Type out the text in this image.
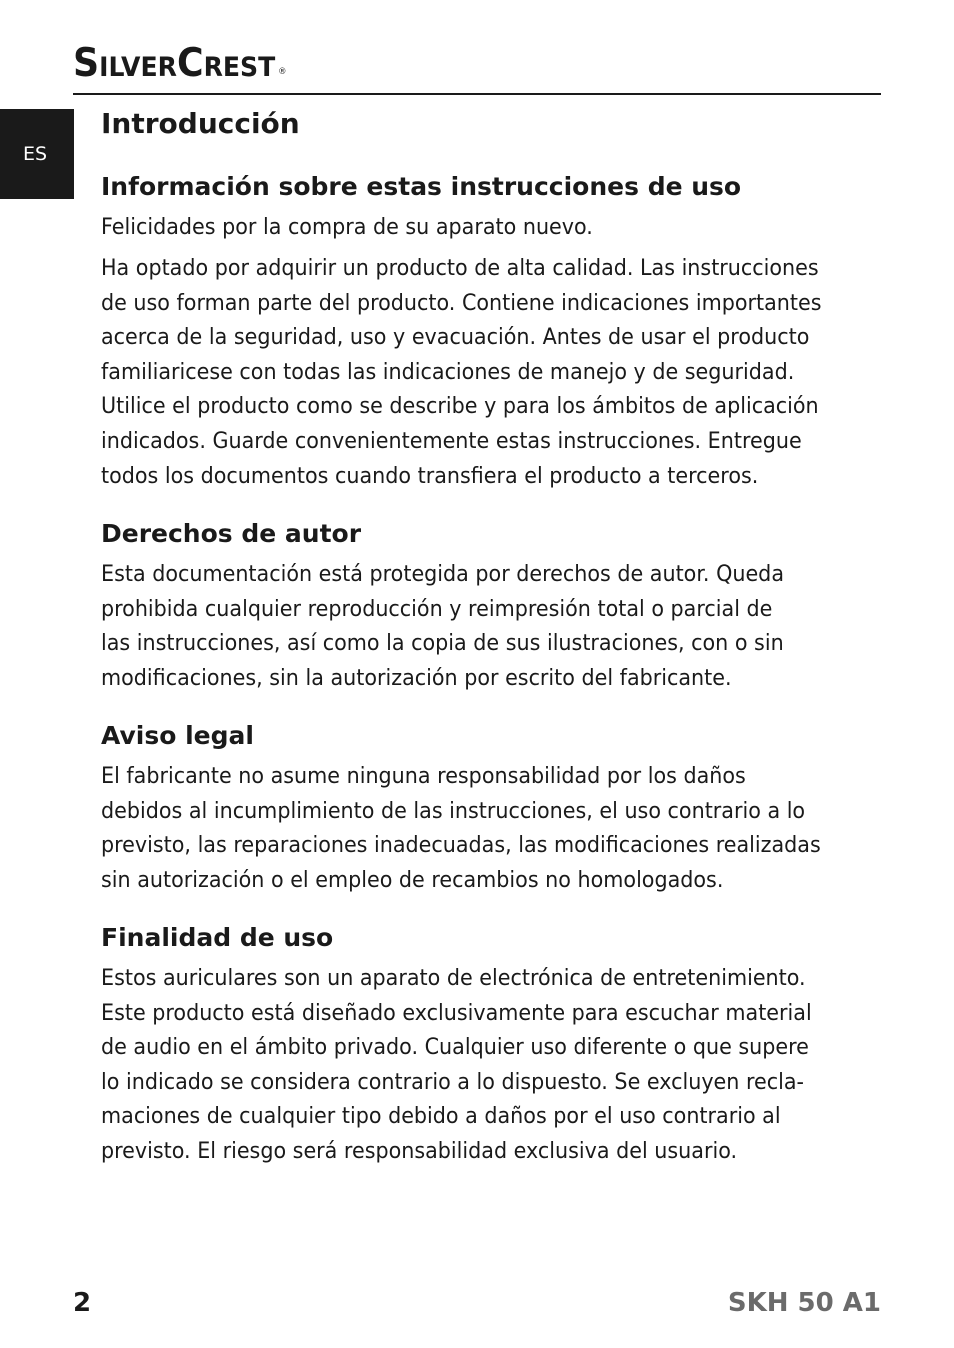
SILVERCREST ®
ES
Introducción
Información sobre estas instrucciones de uso
Felicidades por la compra de su aparato nuevo.
Ha optado por adquirir un producto de alta calidad. Las instrucciones
de uso forman parte del producto. Contiene indicaciones importantes
acerca de la seguridad, uso y evacuación. Antes de usar el producto
familiaricese con todas las indicaciones de manejo y de seguridad.
Utilice el producto como se describe y para los ámbitos de aplicación
indicados. Guarde convenientemente estas instrucciones. Entregue
todos los documentos cuando transfiera el producto a terceros.
Derechos de autor
Esta documentación está protegida por derechos de autor. Queda
prohibida cualquier reproducción y reimpresión total o parcial de
las instrucciones, así como la copia de sus ilustraciones, con o sin
modificaciones, sin la autorización por escrito del fabricante.
Aviso legal
El fabricante no asume ninguna responsabilidad por los daños
debidos al incumplimiento de las instrucciones, el uso contrario a lo
previsto, las reparaciones inadecuadas, las modificaciones realizadas
sin autorización o el empleo de recambios no homologados.
Finalidad de uso
Estos auriculares son un aparato de electrónica de entretenimiento.
Este producto está diseñado exclusivamente para escuchar material
de audio en el ámbito privado. Cualquier uso diferente o que supere
lo indicado se considera contrario a lo dispuesto. Se excluyen recla-
maciones de cualquier tipo debido a daños por el uso contrario al
previsto. El riesgo será responsabilidad exclusiva del usuario.
2	SKH 50 A1
